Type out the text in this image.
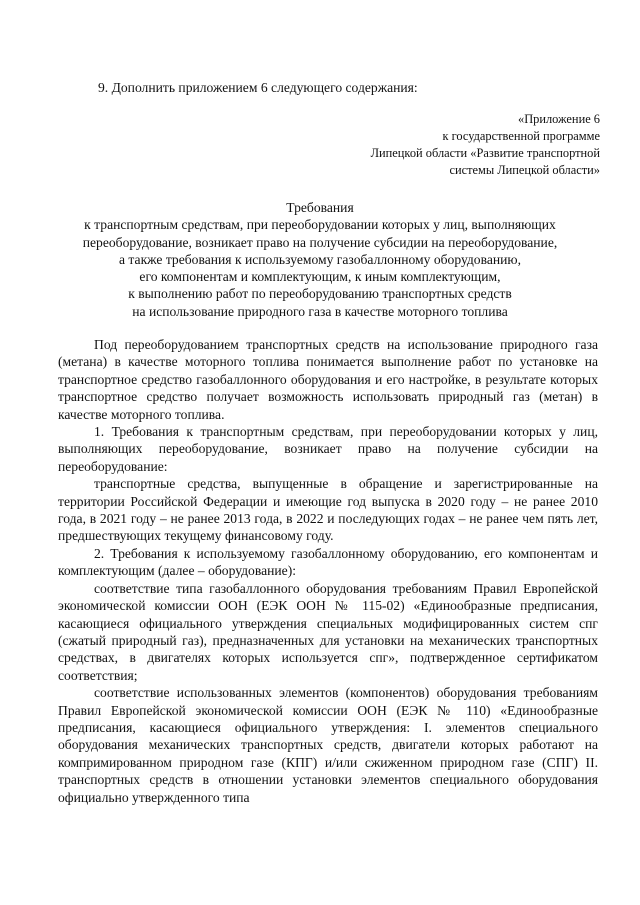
9. Дополнить приложением 6 следующего содержания:
«Приложение 6
к государственной программе
Липецкой области «Развитие транспортной
системы Липецкой области»
Требования
к транспортным средствам, при переоборудовании которых у лиц, выполняющих
переоборудование, возникает право на получение субсидии на переоборудование,
а также требования к используемому газобаллонному оборудованию,
его компонентам и комплектующим, к иным комплектующим,
к выполнению работ по переоборудованию транспортных средств
на использование природного газа в качестве моторного топлива

Под переоборудованием транспортных средств на использование природного газа (метана) в качестве моторного топлива понимается выполнение работ по установке на транспортное средство газобаллонного оборудования и его настройке, в результате которых транспортное средство получает возможность использовать природный газ (метан) в качестве моторного топлива.

1. Требования к транспортным средствам, при переоборудовании которых у лиц, выполняющих переоборудование, возникает право на получение субсидии на переоборудование:

транспортные средства, выпущенные в обращение и зарегистрированные на территории Российской Федерации и имеющие год выпуска в 2020 году – не ранее 2010 года, в 2021 году – не ранее 2013 года, в 2022 и последующих годах – не ранее чем пять лет, предшествующих текущему финансовому году.

2. Требования к используемому газобаллонному оборудованию, его компонентам и комплектующим (далее – оборудование):

соответствие типа газобаллонного оборудования требованиям Правил Европейской экономической комиссии ООН (ЕЭК ООН № 115-02) «Единообразные предписания, касающиеся официального утверждения специальных модифицированных систем спг (сжатый природный газ), предназначенных для установки на механических транспортных средствах, в двигателях которых используется спг», подтвержденное сертификатом соответствия;

соответствие использованных элементов (компонентов) оборудования требованиям Правил Европейской экономической комиссии ООН (ЕЭК № 110) «Единообразные предписания, касающиеся официального утверждения: I. элементов специального оборудования механических транспортных средств, двигатели которых работают на компримированном природном газе (КПГ) и/или сжиженном природном газе (СПГ) II. транспортных средств в отношении установки элементов специального оборудования официально утвержденного типа
